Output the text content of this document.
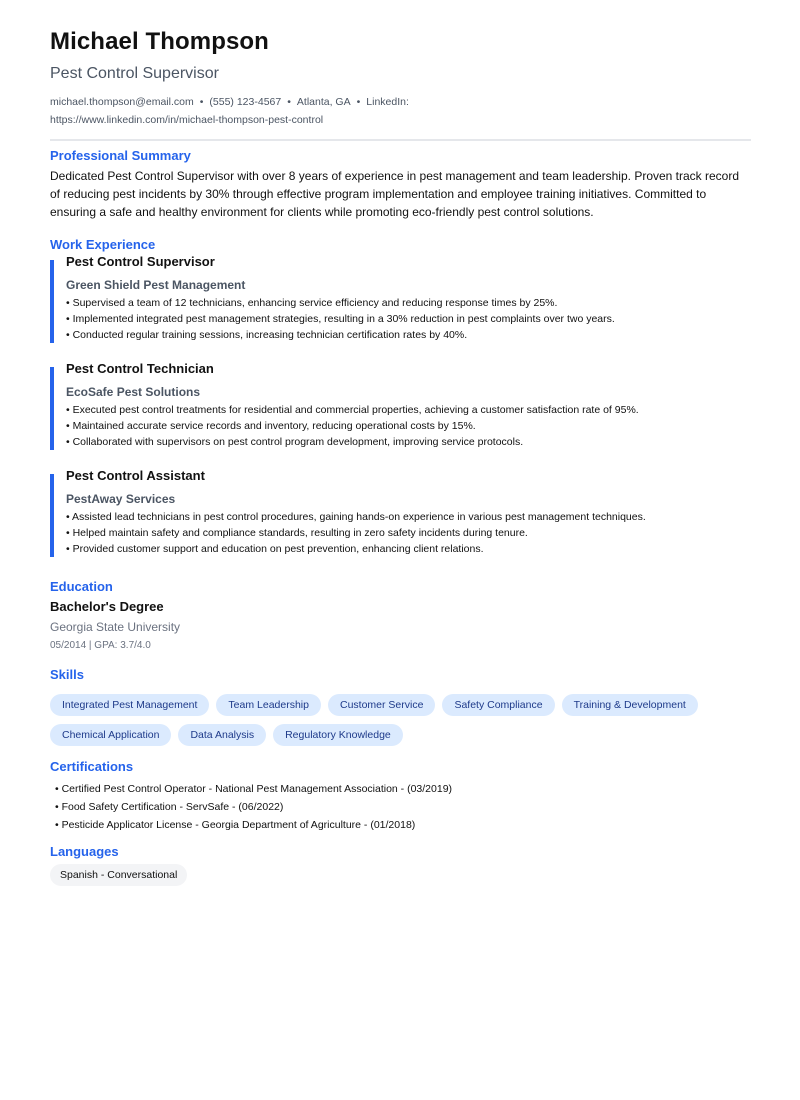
Michael Thompson
Pest Control Supervisor
michael.thompson@email.com • (555) 123-4567 • Atlanta, GA • LinkedIn: https://www.linkedin.com/in/michael-thompson-pest-control
Professional Summary

Dedicated Pest Control Supervisor with over 8 years of experience in pest management and team leadership. Proven track record of reducing pest incidents by 30% through effective program implementation and employee training initiatives. Committed to ensuring a safe and healthy environment for clients while promoting eco-friendly pest control solutions.

Work Experience
Pest Control Supervisor
Green Shield Pest Management
• Supervised a team of 12 technicians, enhancing service efficiency and reducing response times by 25%.
• Implemented integrated pest management strategies, resulting in a 30% reduction in pest complaints over two years.
• Conducted regular training sessions, increasing technician certification rates by 40%.
Pest Control Technician
EcoSafe Pest Solutions
• Executed pest control treatments for residential and commercial properties, achieving a customer satisfaction rate of 95%.
• Maintained accurate service records and inventory, reducing operational costs by 15%.
• Collaborated with supervisors on pest control program development, improving service protocols.
Pest Control Assistant
PestAway Services
• Assisted lead technicians in pest control procedures, gaining hands-on experience in various pest management techniques.
• Helped maintain safety and compliance standards, resulting in zero safety incidents during tenure.
• Provided customer support and education on pest prevention, enhancing client relations.
Education
Bachelor's Degree
Georgia State University
05/2014 | GPA: 3.7/4.0
Skills
Integrated Pest Management	Team Leadership	Customer Service	Safety Compliance	Training & Development
Chemical Application	Data Analysis	Regulatory Knowledge
Certifications
• Certified Pest Control Operator - National Pest Management Association - (03/2019)
• Food Safety Certification - ServSafe - (06/2022)
• Pesticide Applicator License - Georgia Department of Agriculture - (01/2018)
Languages
Spanish - Conversational
